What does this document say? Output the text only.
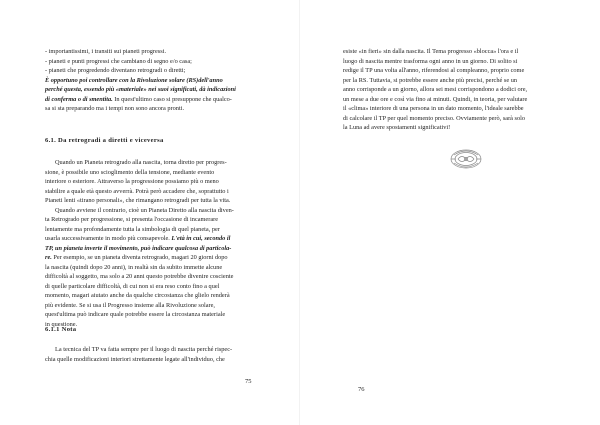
- importantissimi, i transiti sui pianeti progressi.
- pianeti e punti progressi che cambiano di segno e/o casa;
- pianeti che progredendo diventano retrogradi o diretti;
È opportuno poi controllare con la Rivoluzione solare (RS)dell'anno
perché questa, essendo più «materiale» nei suoi significati, dà indicazioni
di conferma o di smentita. In quest'ultimo caso si presuppone che qualco-
sa si sta preparando ma i tempi non sono ancora pronti.
6.1. Da retrogradi a diretti e viceversa
Quando un Pianeta retrogrado alla nascita, torna diretto per progres-
sione, è possibile uno scioglimento della tensione, mediante evento
interiore o esteriore. Attraverso la progressione possiamo più o meno
stabilire a quale età questo avverrà. Potrà però accadere che, soprattutto i
Pianeti lenti «tirano personali», che rimangano retrogradi per tutta la vita.
Quando avviene il contrario, cioè un Pianeta Diretto alla nascita diven-
ta Retrogrado per progressione, si presenta l'occasione di incamerare
lentamente ma profondamente tutta la simbologia di quel pianeta, per
usarla successivamente in modo più consapevole. L'età in cui, secondo il
TP, un pianeta inverte il movimento, può indicare qualcosa di particola-
re. Per esempio, se un pianeta diventa retrogrado, magari 20 giorni dopo
la nascita (quindi dopo 20 anni), in realtà sin da subito immette alcune
difficoltà al soggetto, ma solo a 20 anni questo potrebbe divenire cosciente
di quelle particolare difficoltà, di cui non si era reso conto fino a quel
momento, magari aiutato anche da qualche circostanza che glielo renderà
più evidente. Se si usa il Progresso insieme alla Rivoluzione solare,
quest'ultima può indicare quale potrebbe essere la circostanza materiale
in questione.
6.1.1 Nota
La tecnica del TP va fatta sempre per il luogo di nascita perché rispec-
chia quelle modificazioni interiori strettamente legate all'individuo, che
75
esiste «in fieri» sin dalla nascita. Il Tema progresso «blocca» l'ora e il
luogo di nascita mentre trasforma ogni anno in un giorno. Di solito si
redige il TP una volta all'anno, riferendosi al compleanno, proprio come
per la RS. Tuttavia, si potrebbe essere anche più precisi, perché se un
anno corrisponde a un giorno, allora sei mesi corrispondono a dodici ore,
un mese a due ore e così via fino ai minuti. Quindi, in teoria, per valutare
il «clima» interiore di una persona in un dato momento, l'ideale sarebbe
di calcolare il TP per quel momento preciso. Ovviamente però, sarà solo
la Luna ad avere spostamenti significativi!
76
